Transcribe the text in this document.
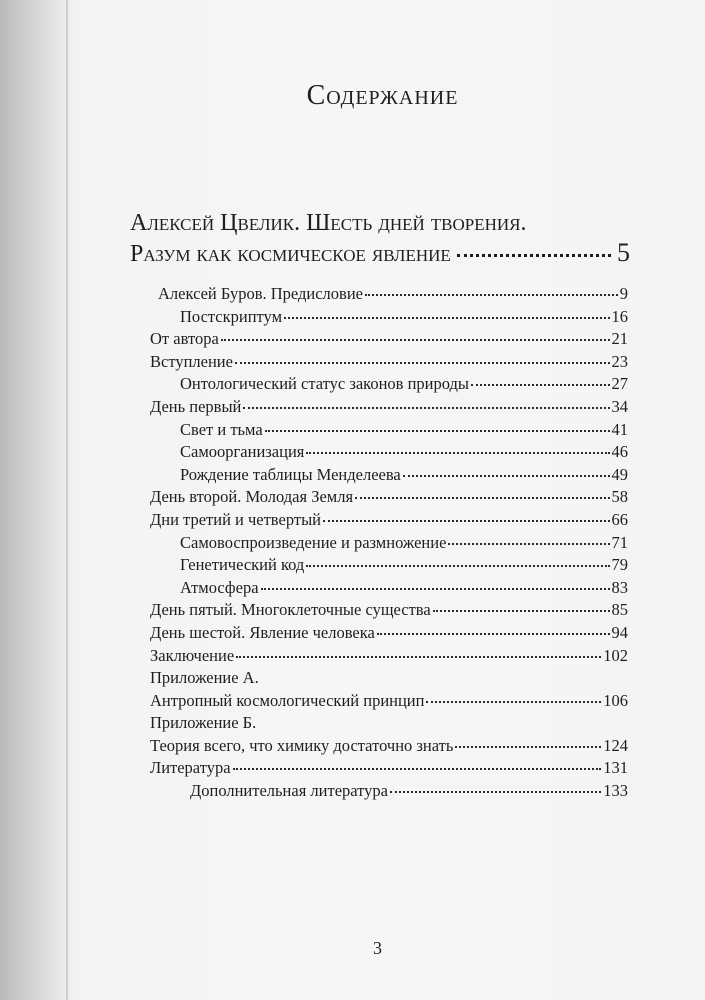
Содержание
Алексей Цвелик. Шесть дней творения.
Разум как космическое явление	5
Алексей Буров. Предисловие	9
Постскриптум	16
От автора	21
Вступление	23
Онтологический статус законов природы	27
День первый	34
Свет и тьма	41
Самоорганизация	46
Рождение таблицы Менделеева	49
День второй. Молодая Земля	58
Дни третий и четвертый	66
Самовоспроизведение и размножение	71
Генетический код	79
Атмосфера	83
День пятый. Многоклеточные существа	85
День шестой. Явление человека	94
Заключение	102
Приложение А.
Антропный космологический принцип	106
Приложение Б.
Теория всего, что химику достаточно знать	124
Литература	131
Дополнительная литература	133
3
